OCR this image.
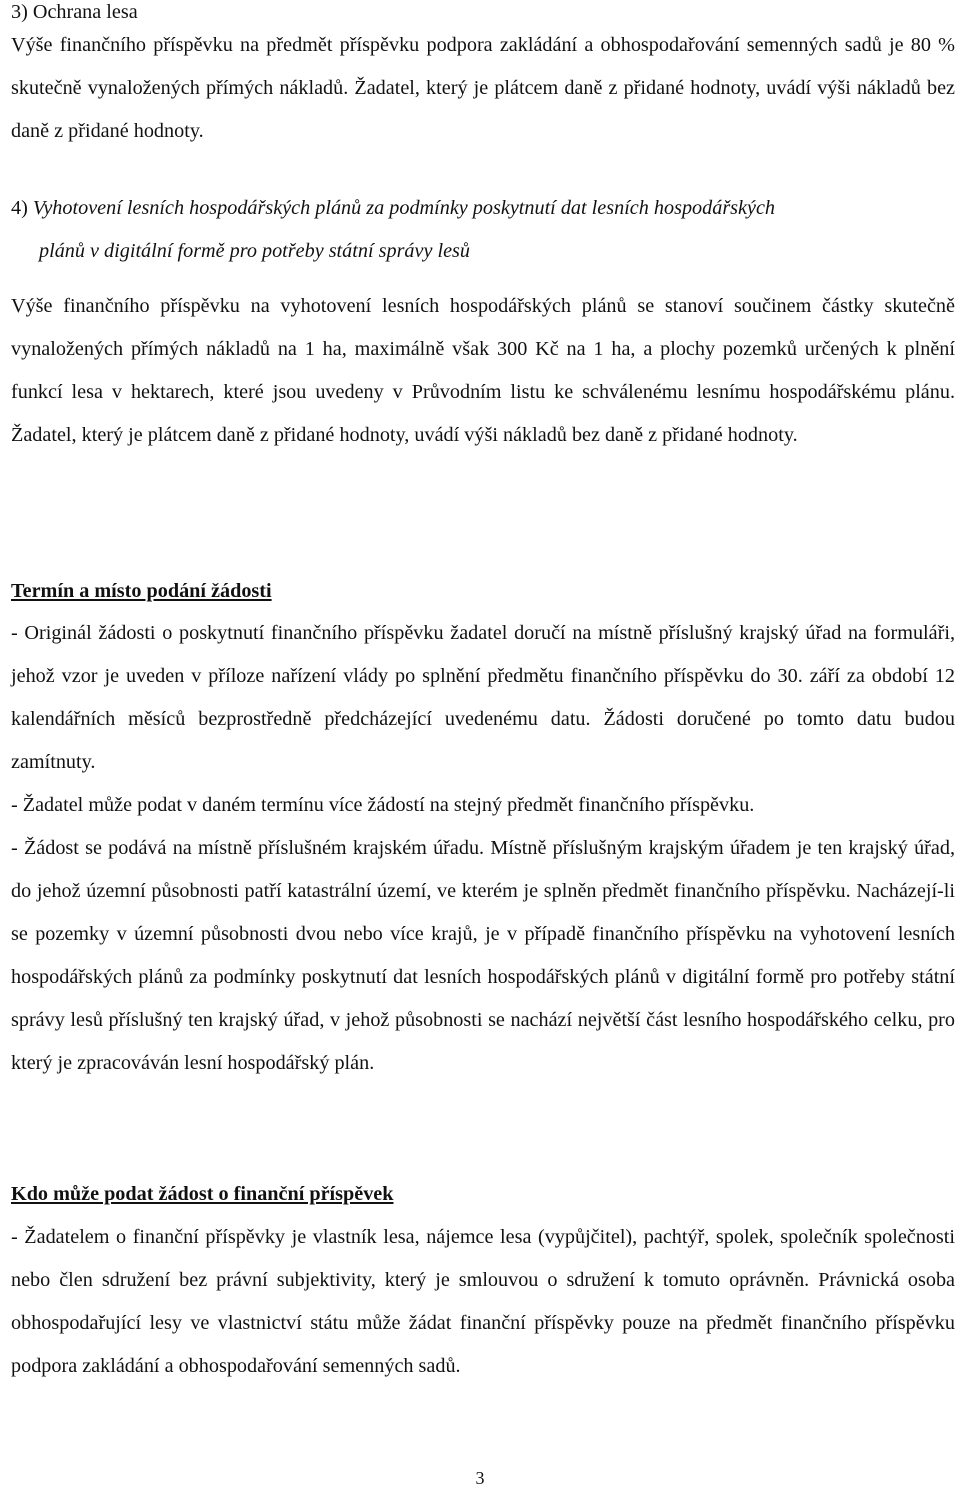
3) Ochrana lesa

Výše finančního příspěvku na předmět příspěvku podpora zakládání a obhospodařování semenných sadů je 80 % skutečně vynaložených přímých nákladů. Žadatel, který je plátcem daně z přidané hodnoty, uvádí výši nákladů bez daně z přidané hodnoty.

4) Vyhotovení lesních hospodářských plánů za podmínky poskytnutí dat lesních hospodářských
plánů v digitální formě pro potřeby státní správy lesů

Výše finančního příspěvku na vyhotovení lesních hospodářských plánů se stanoví součinem částky skutečně vynaložených přímých nákladů na 1 ha, maximálně však 300 Kč na 1 ha, a plochy pozemků určených k plnění funkcí lesa v hektarech, které jsou uvedeny v Průvodním listu ke schválenému lesnímu hospodářskému plánu. Žadatel, který je plátcem daně z přidané hodnoty, uvádí výši nákladů bez daně z přidané hodnoty.

Termín a místo podání žádosti

- Originál žádosti o poskytnutí finančního příspěvku žadatel doručí na místně příslušný krajský úřad na formuláři, jehož vzor je uveden v příloze nařízení vlády po splnění předmětu finančního příspěvku do 30. září za období 12 kalendářních měsíců bezprostředně předcházející uvedenému datu. Žádosti doručené po tomto datu budou zamítnuty.

- Žadatel může podat v daném termínu více žádostí na stejný předmět finančního příspěvku.

- Žádost se podává na místně příslušném krajském úřadu. Místně příslušným krajským úřadem je ten krajský úřad, do jehož územní působnosti patří katastrální území, ve kterém je splněn předmět finančního příspěvku. Nacházejí-li se pozemky v územní působnosti dvou nebo více krajů, je v případě finančního příspěvku na vyhotovení lesních hospodářských plánů za podmínky poskytnutí dat lesních hospodářských plánů v digitální formě pro potřeby státní správy lesů příslušný ten krajský úřad, v jehož působnosti se nachází největší část lesního hospodářského celku, pro který je zpracováván lesní hospodářský plán.

Kdo může podat žádost o finanční příspěvek

- Žadatelem o finanční příspěvky je vlastník lesa, nájemce lesa (vypůjčitel), pachtýř, spolek, společník společnosti nebo člen sdružení bez právní subjektivity, který je smlouvou o sdružení k tomuto oprávněn. Právnická osoba obhospodařující lesy ve vlastnictví státu může žádat finanční příspěvky pouze na předmět finančního příspěvku podpora zakládání a obhospodařování semenných sadů.

3
